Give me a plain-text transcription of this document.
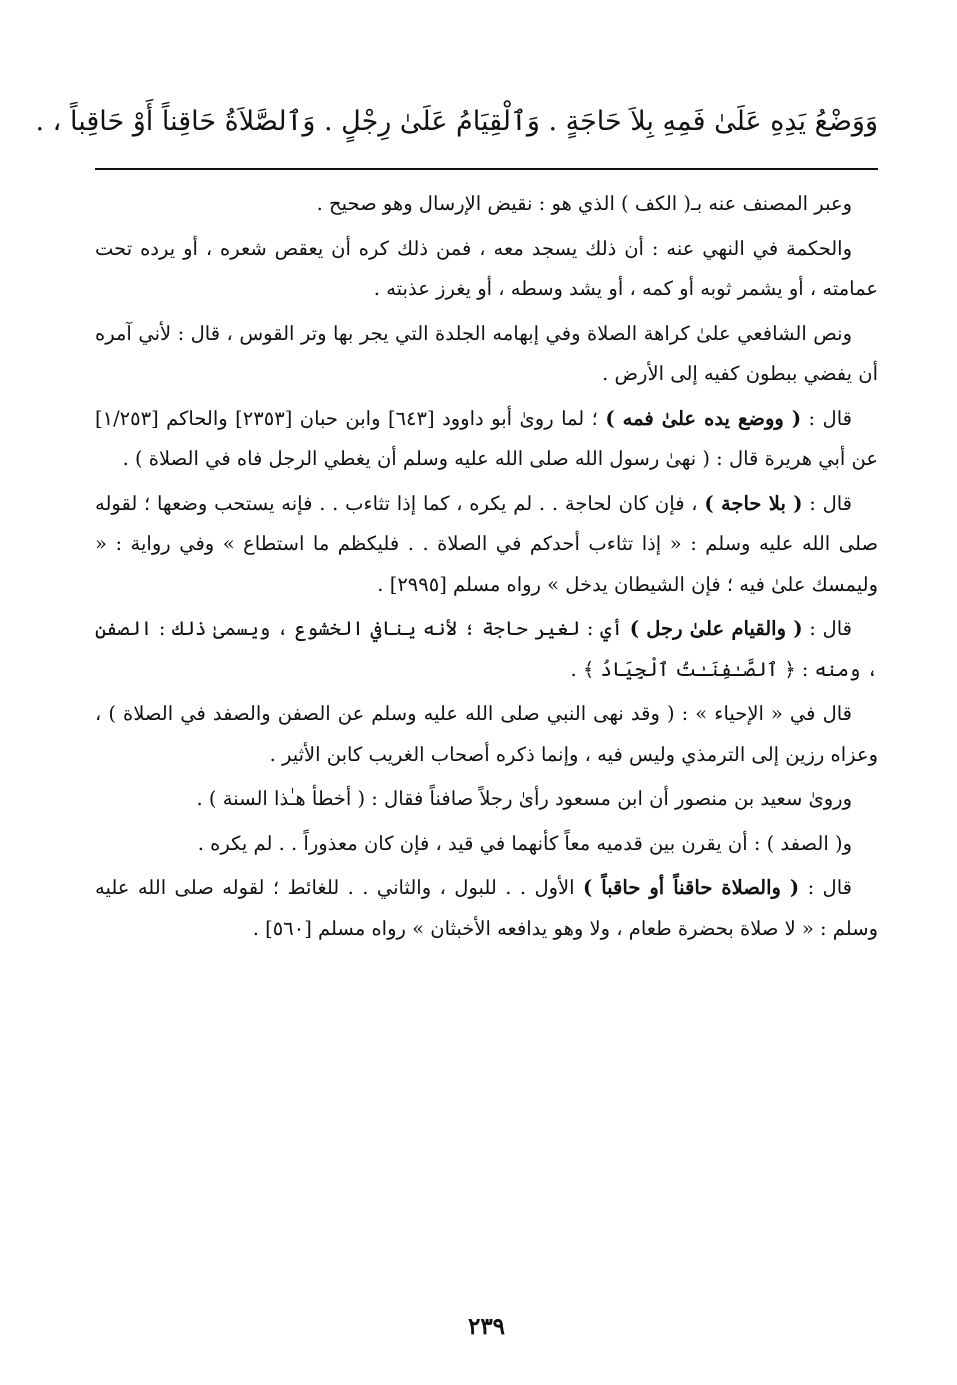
وَوَضْعُ يَدِهِ عَلَىٰ فَمِهِ بِلاَ حَاجَةٍ . وَٱلْقِيَامُ عَلَىٰ رِجْلٍ . وَٱلصَّلاَةُ حَاقِناً أَوْ حَاقِباً ، .

وعبر المصنف عنه بـ( الكف ) الذي هو : نقيض الإرسال وهو صحيح .

والحكمة في النهي عنه : أن ذلك يسجد معه ، فمن ذلك كره أن يعقص شعره ، أو يرده تحت عمامته ، أو يشمر ثوبه أو كمه ، أو يشد وسطه ، أو يغرز عذبته .

ونص الشافعي علىٰ كراهة الصلاة وفي إبهامه الجلدة التي يجر بها وتر القوس ، قال : لأني آمره أن يفضي ببطون كفيه إلى الأرض .

قال : ( ووضع يده علىٰ فمه ) ؛ لما روىٰ أبو داوود [٦٤٣] وابن حبان [٢٣٥٣] والحاكم [١/٢٥٣] عن أبي هريرة قال : ( نهىٰ رسول الله صلى الله عليه وسلم أن يغطي الرجل فاه في الصلاة ) .

قال : ( بلا حاجة ) ، فإن كان لحاجة . . لم يكره ، كما إذا تثاءب . . فإنه يستحب وضعها ؛ لقوله صلى الله عليه وسلم : « إذا تثاءب أحدكم في الصلاة . . فليكظم ما استطاع » وفي رواية : « وليمسك علىٰ فيه ؛ فإن الشيطان يدخل » رواه مسلم [٢٩٩٥] .

قال : ( والقيام علىٰ رجل ) أي : لغير حاجة ؛ لأنه ينافي الخشوع ، ويسمىٰ ذلك : الصفن ، ومنه : ﴿ ٱلصَّـٰفِنَـٰتُ ٱلْجِيَادُ ﴾ .

قال في « الإحياء » : ( وقد نهى النبي صلى الله عليه وسلم عن الصفن والصفد في الصلاة ) ، وعزاه رزين إلى الترمذي وليس فيه ، وإنما ذكره أصحاب الغريب كابن الأثير .

وروىٰ سعيد بن منصور أن ابن مسعود رأىٰ رجلاً صافناً فقال : ( أخطأ هـٰذا السنة ) .

و( الصفد ) : أن يقرن بين قدميه معاً كأنهما في قيد ، فإن كان معذوراً . . لم يكره .

قال : ( والصلاة حاقناً أو حاقباً ) الأول . . للبول ، والثاني . . للغائط ؛ لقوله صلى الله عليه وسلم : « لا صلاة بحضرة طعام ، ولا وهو يدافعه الأخبثان » رواه مسلم [٥٦٠] .

٢٣٩
